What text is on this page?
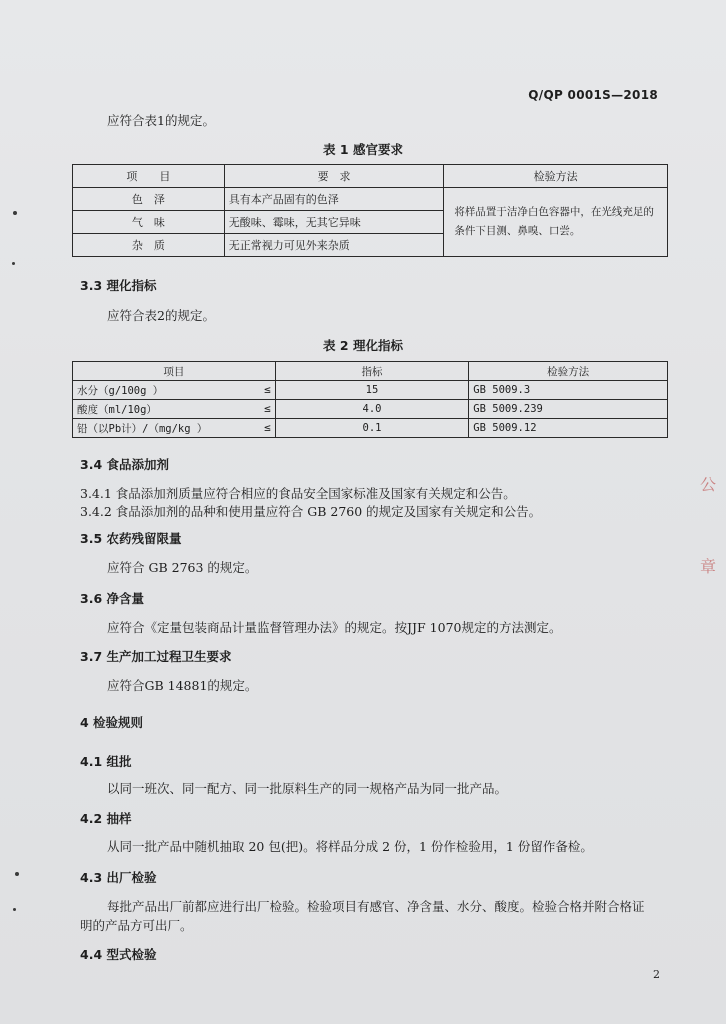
Q/QP 0001S—2018
应符合表1的规定。
表 1 感官要求
项　　目	要　求	检验方法
色　泽	具有本产品固有的色泽	将样品置于洁净白色容器中，在光线充足的条件下目测、鼻嗅、口尝。

气　味	无酸味、霉味，无其它异味	
杂　质	无正常视力可见外来杂质	
3.3 理化指标
应符合表2的规定。
表 2 理化指标
项目	指标	检验方法
水分（g/100g ） ≤	15	GB 5009.3
酸度（ml/10g） ≤	4.0	GB 5009.239
铅（以Pb计）/（mg/kg ） ≤	0.1	GB 5009.12
3.4 食品添加剂
3.4.1 食品添加剂质量应符合相应的食品安全国家标准及国家有关规定和公告。
3.4.2 食品添加剂的品种和使用量应符合 GB 2760 的规定及国家有关规定和公告。
3.5 农药残留限量
应符合 GB 2763 的规定。
3.6 净含量
应符合《定量包装商品计量监督管理办法》的规定。按JJF 1070规定的方法测定。
3.7 生产加工过程卫生要求
应符合GB 14881的规定。
4 检验规则
4.1 组批
以同一班次、同一配方、同一批原料生产的同一规格产品为同一批产品。
4.2 抽样
从同一批产品中随机抽取 20 包(把)。将样品分成 2 份，1 份作检验用，1 份留作备检。
4.3 出厂检验
每批产品出厂前都应进行出厂检验。检验项目有感官、净含量、水分、酸度。检验合格并附合格证
明的产品方可出厂。
4.4 型式检验
2
公
章
